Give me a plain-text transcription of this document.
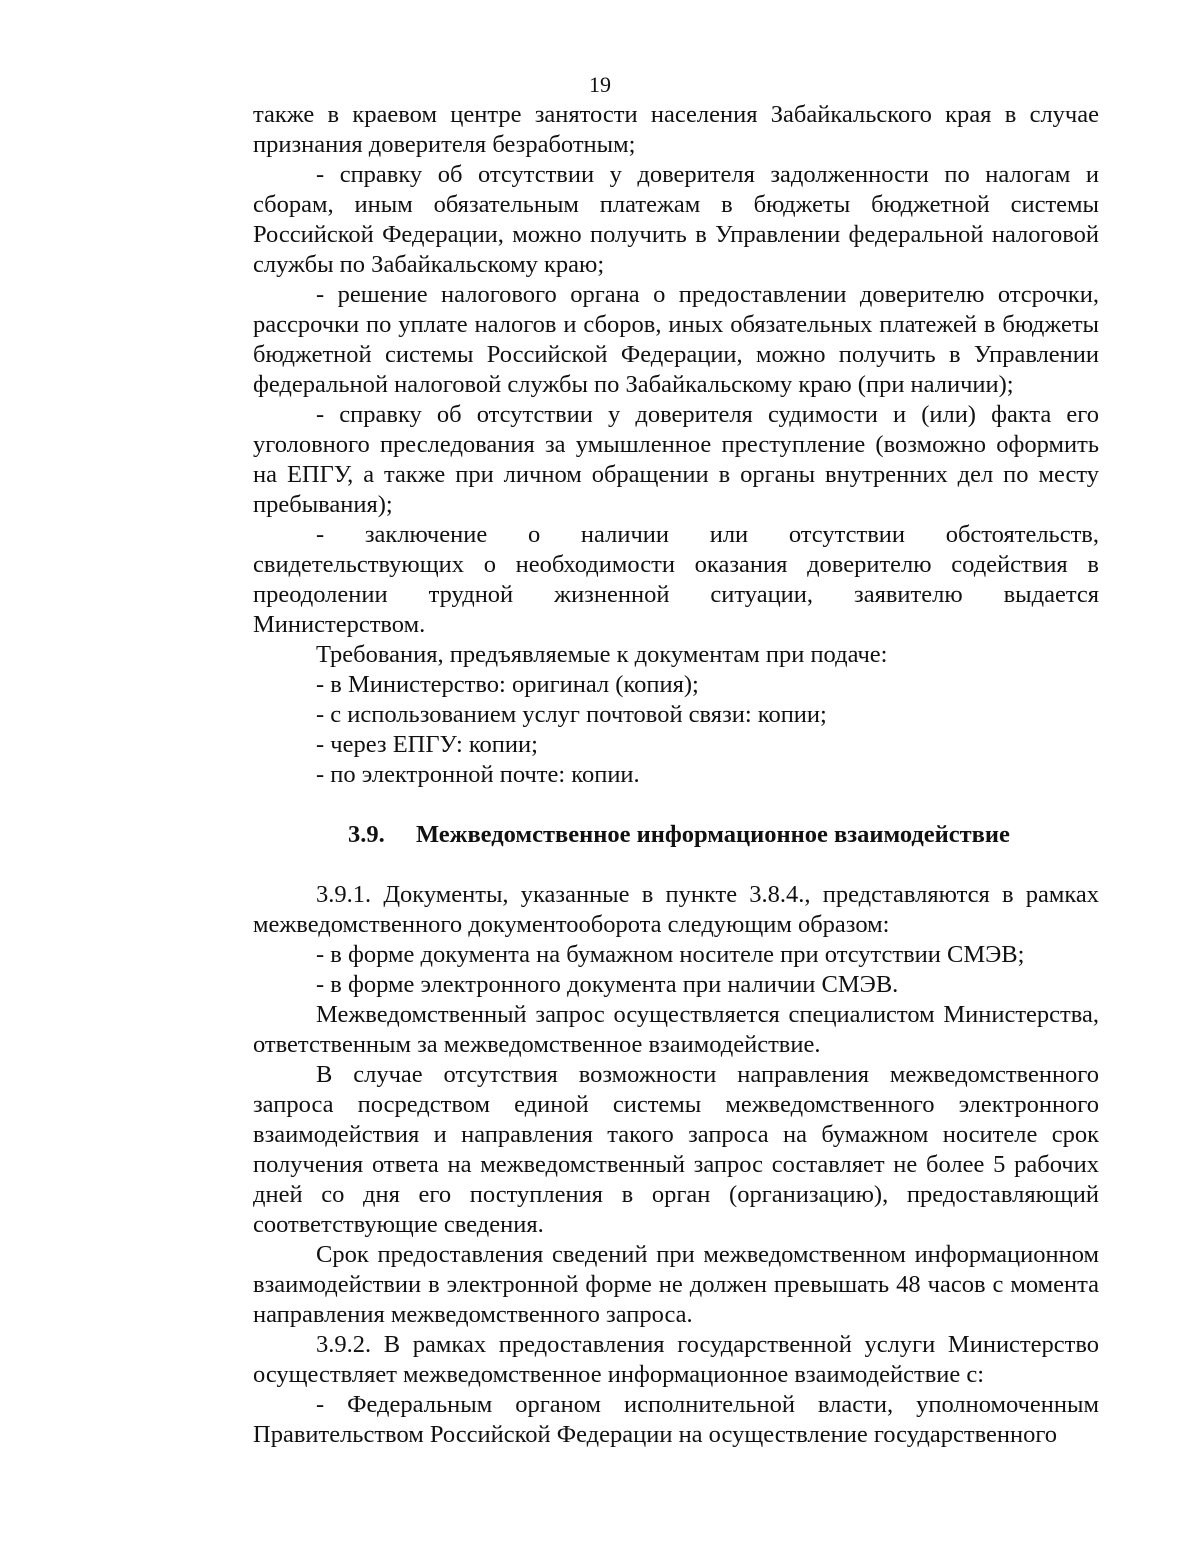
19

также в краевом центре занятости населения Забайкальского края в случае признания доверителя безработным;

- справку об отсутствии у доверителя задолженности по налогам и сборам, иным обязательным платежам в бюджеты бюджетной системы Российской Федерации, можно получить в Управлении федеральной налоговой службы по Забайкальскому краю;

- решение налогового органа о предоставлении доверителю отсрочки, рассрочки по уплате налогов и сборов, иных обязательных платежей в бюджеты бюджетной системы Российской Федерации, можно получить в Управлении федеральной налоговой службы по Забайкальскому краю (при наличии);

- справку об отсутствии у доверителя судимости и (или) факта его уголовного преследования за умышленное преступление (возможно оформить на ЕПГУ, а также при личном обращении в органы внутренних дел по месту пребывания);

- заключение о наличии или отсутствии обстоятельств, свидетельствующих о необходимости оказания доверителю содействия в преодолении трудной жизненной ситуации, заявителю выдается Министерством.

Требования, предъявляемые к документам при подаче:

- в Министерство: оригинал (копия);

- с использованием услуг почтовой связи: копии;

- через ЕПГУ: копии;

- по электронной почте: копии.

3.9. Межведомственное информационное взаимодействие

3.9.1. Документы, указанные в пункте 3.8.4., представляются в рамках межведомственного документооборота следующим образом:

- в форме документа на бумажном носителе при отсутствии СМЭВ;

- в форме электронного документа при наличии СМЭВ.

Межведомственный запрос осуществляется специалистом Министерства, ответственным за межведомственное взаимодействие.

В случае отсутствия возможности направления межведомственного запроса посредством единой системы межведомственного электронного взаимодействия и направления такого запроса на бумажном носителе срок получения ответа на межведомственный запрос составляет не более 5 рабочих дней со дня его поступления в орган (организацию), предоставляющий соответствующие сведения.

Срок предоставления сведений при межведомственном информационном взаимодействии в электронной форме не должен превышать 48 часов с момента направления межведомственного запроса.

3.9.2. В рамках предоставления государственной услуги Министерство осуществляет межведомственное информационное взаимодействие с:

- Федеральным органом исполнительной власти, уполномоченным Правительством Российской Федерации на осуществление государственного
